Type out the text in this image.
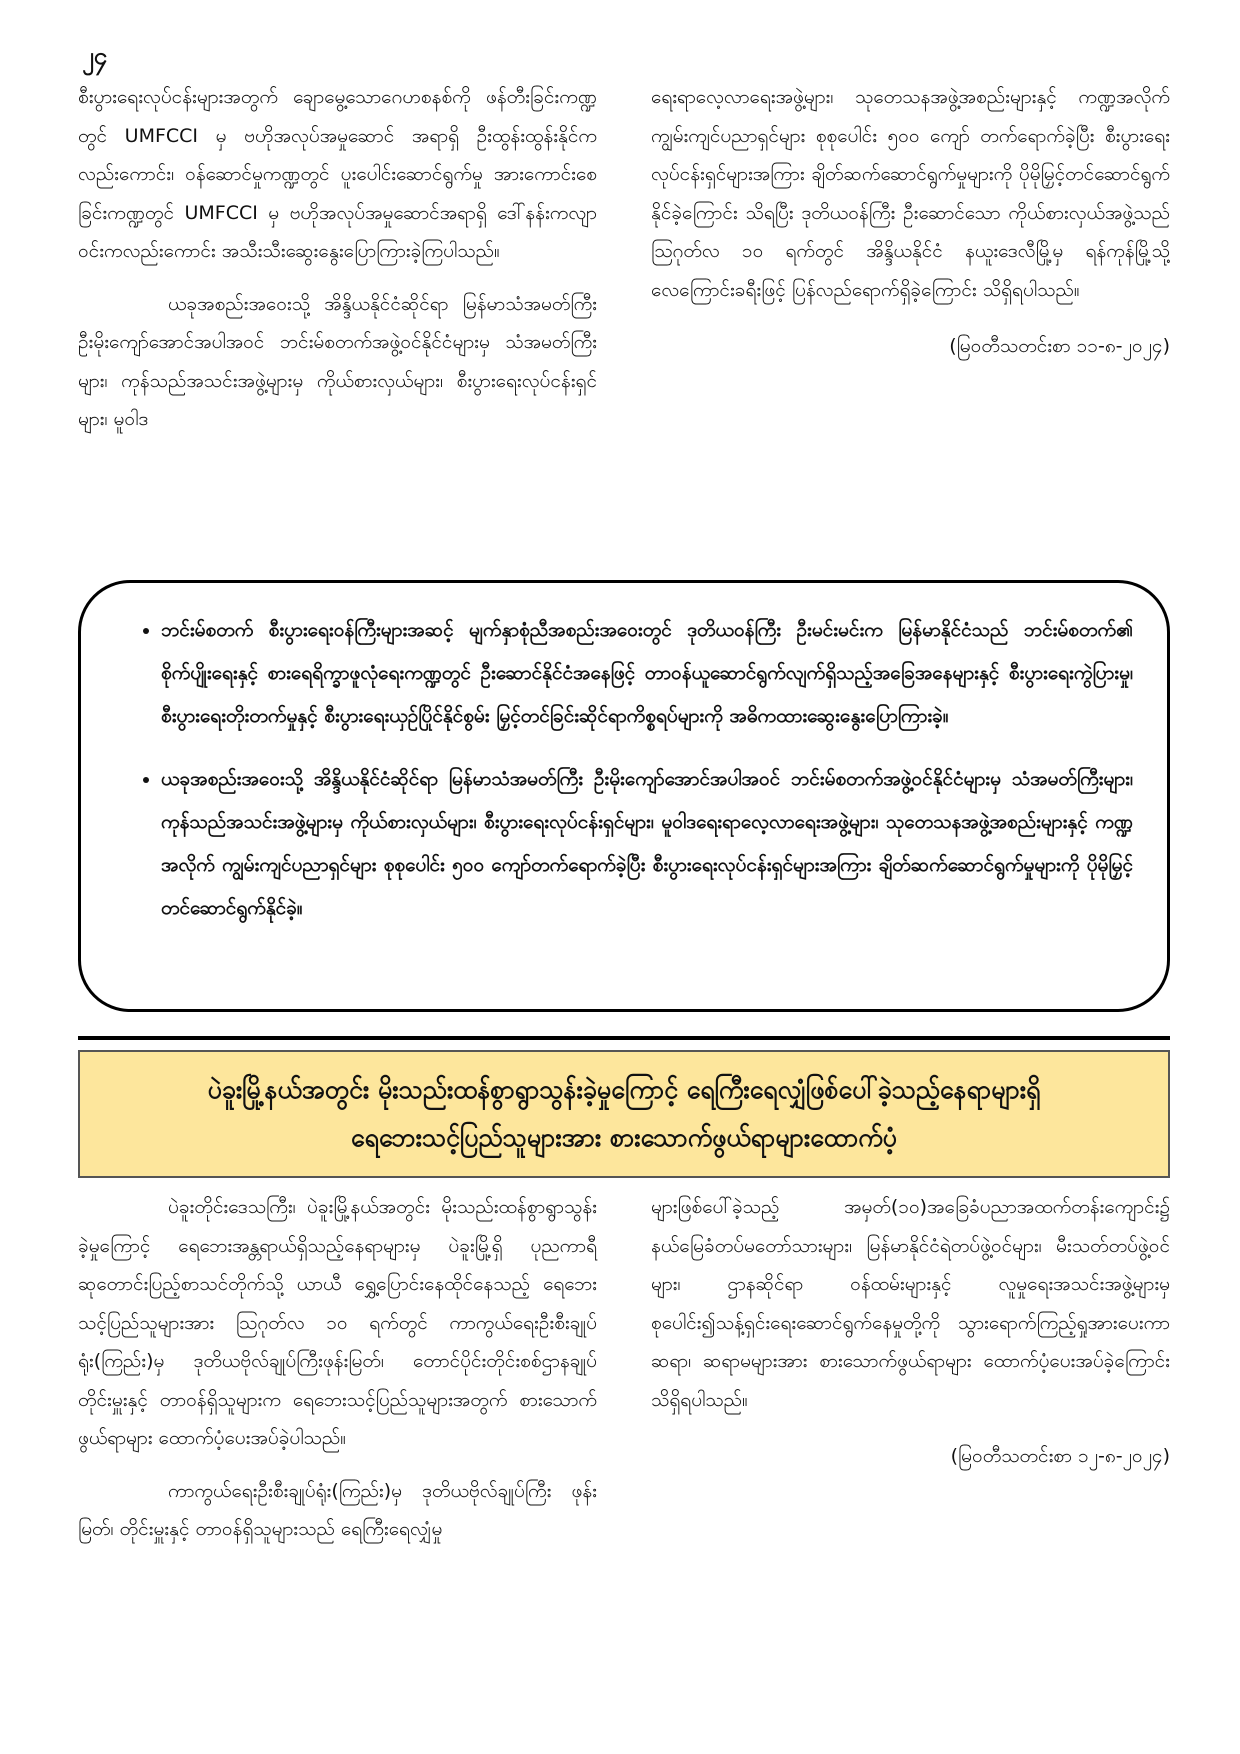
၂၄

စီးပွားရေးလုပ်ငန်းများအတွက် ချောမွေ့သောဂေဟစနစ်ကို ဖန်တီးခြင်းကဏ္ဍတွင် UMFCCI မှ ဗဟိုအလုပ်အမှုဆောင် အရာရှိ ဦးထွန်းထွန်းနိုင်ကလည်းကောင်း၊ ဝန်ဆောင်မှုကဏ္ဍတွင် ပူးပေါင်းဆောင်ရွက်မှု အားကောင်းစေခြင်းကဏ္ဍတွင် UMFCCI မှ ဗဟိုအလုပ်အမှုဆောင်အရာရှိ ဒေါ်နန်းကလျာဝင်းကလည်းကောင်း အသီးသီးဆွေးနွေးပြောကြားခဲ့ကြပါသည်။

ယခုအစည်းအဝေးသို့ အိန္ဒိယနိုင်ငံဆိုင်ရာ မြန်မာသံအမတ်ကြီး ဦးမိုးကျော်အောင်အပါအဝင် ဘင်းမ်စတက်အဖွဲ့ဝင်နိုင်ငံများမှ သံအမတ်ကြီးများ၊ ကုန်သည်အသင်းအဖွဲ့များမှ ကိုယ်စားလှယ်များ၊ စီးပွားရေးလုပ်ငန်းရှင်များ၊ မူဝါဒ

ရေးရာလေ့လာရေးအဖွဲ့များ၊ သုတေသနအဖွဲ့အစည်းများနှင့် ကဏ္ဍအလိုက် ကျွမ်းကျင်ပညာရှင်များ စုစုပေါင်း ၅၀၀ ကျော် တက်ရောက်ခဲ့ပြီး စီးပွားရေးလုပ်ငန်းရှင်များအကြား ချိတ်ဆက်ဆောင်ရွက်မှုများကို ပိုမိုမြှင့်တင်ဆောင်ရွက်နိုင်ခဲ့ကြောင်း သိရပြီး ဒုတိယဝန်ကြီး ဦးဆောင်သော ကိုယ်စားလှယ်အဖွဲ့သည် ဩဂုတ်လ ၁၀ ရက်တွင် အိန္ဒိယနိုင်ငံ နယူးဒေလီမြို့မှ ရန်ကုန်မြို့သို့ လေကြောင်းခရီးဖြင့် ပြန်လည်ရောက်ရှိခဲ့ကြောင်း သိရှိရပါသည်။

(မြဝတီသတင်းစာ ၁၁-၈-၂၀၂၄)
• ဘင်းမ်စတက် စီးပွားရေးဝန်ကြီးများအဆင့် မျက်နှာစုံညီအစည်းအဝေးတွင် ဒုတိယဝန်ကြီး ဦးမင်းမင်းက မြန်မာနိုင်ငံသည် ဘင်းမ်စတက်၏ စိုက်ပျိုးရေးနှင့် စားရေရိက္ခာဖူလုံရေးကဏ္ဍတွင် ဦးဆောင်နိုင်ငံအနေဖြင့် တာဝန်ယူဆောင်ရွက်လျက်ရှိသည့်အခြေအနေများနှင့် စီးပွားရေးကွဲပြားမှု၊ စီးပွားရေးတိုးတက်မှုနှင့် စီးပွားရေးယှဉ်ပြိုင်နိုင်စွမ်း မြှင့်တင်ခြင်းဆိုင်ရာကိစ္စရပ်များကို အဓိကထားဆွေးနွေးပြောကြားခဲ့။
• ယခုအစည်းအဝေးသို့ အိန္ဒိယနိုင်ငံဆိုင်ရာ မြန်မာသံအမတ်ကြီး ဦးမိုးကျော်အောင်အပါအဝင် ဘင်းမ်စတက်အဖွဲ့ဝင်နိုင်ငံများမှ သံအမတ်ကြီးများ၊ ကုန်သည်အသင်းအဖွဲ့များမှ ကိုယ်စားလှယ်များ၊ စီးပွားရေးလုပ်ငန်းရှင်များ၊ မူဝါဒရေးရာလေ့လာရေးအဖွဲ့များ၊ သုတေသနအဖွဲ့အစည်းများနှင့် ကဏ္ဍအလိုက် ကျွမ်းကျင်ပညာရှင်များ စုစုပေါင်း ၅၀၀ ကျော်တက်ရောက်ခဲ့ပြီး စီးပွားရေးလုပ်ငန်းရှင်များအကြား ချိတ်ဆက်ဆောင်ရွက်မှုများကို ပိုမိုမြှင့်တင်ဆောင်ရွက်နိုင်ခဲ့။
ပဲခူးမြို့နယ်အတွင်း မိုးသည်းထန်စွာရွာသွန်းခဲ့မှုကြောင့် ရေကြီးရေလျှံဖြစ်ပေါ်ခဲ့သည့်နေရာများရှိ
ရေဘေးသင့်ပြည်သူများအား စားသောက်ဖွယ်ရာများထောက်ပံ့

ပဲခူးတိုင်းဒေသကြီး၊ ပဲခူးမြို့နယ်အတွင်း မိုးသည်းထန်စွာရွာသွန်းခဲ့မှုကြောင့် ရေဘေးအန္တရာယ်ရှိသည့်နေရာများမှ ပဲခူးမြို့ရှိ ပုညကာရီဆုတောင်းပြည့်စာသင်တိုက်သို့ ယာယီ ရွှေ့ပြောင်းနေထိုင်နေသည့် ရေဘေးသင့်ပြည်သူများအား ဩဂုတ်လ ၁၀ ရက်တွင် ကာကွယ်ရေးဦးစီးချုပ်ရုံး(ကြည်း)မှ ဒုတိယဗိုလ်ချုပ်ကြီးဖုန်းမြတ်၊ တောင်ပိုင်းတိုင်းစစ်ဌာနချုပ်တိုင်းမှူးနှင့် တာဝန်ရှိသူများက ရေဘေးသင့်ပြည်သူများအတွက် စားသောက်ဖွယ်ရာများ ထောက်ပံ့ပေးအပ်ခဲ့ပါသည်။

ကာကွယ်ရေးဦးစီးချုပ်ရုံး(ကြည်း)မှ ဒုတိယဗိုလ်ချုပ်ကြီး ဖုန်းမြတ်၊ တိုင်းမှူးနှင့် တာဝန်ရှိသူများသည် ရေကြီးရေလျှံမှု

များဖြစ်ပေါ်ခဲ့သည့် အမှတ်(၁၀)အခြေခံပညာအထက်တန်းကျောင်း၌ နယ်မြေခံတပ်မတော်သားများ၊ မြန်မာနိုင်ငံရဲတပ်ဖွဲ့ဝင်များ၊ မီးသတ်တပ်ဖွဲ့ဝင်များ၊ ဌာနဆိုင်ရာ ဝန်ထမ်းများနှင့် လူမှုရေးအသင်းအဖွဲ့များမှ စုပေါင်း၍သန့်ရှင်းရေးဆောင်ရွက်နေမှုတို့ကို သွားရောက်ကြည့်ရှုအားပေးကာ ဆရာ၊ ဆရာမများအား စားသောက်ဖွယ်ရာများ ထောက်ပံ့ပေးအပ်ခဲ့ကြောင်း သိရှိရပါသည်။

(မြဝတီသတင်းစာ ၁၂-၈-၂၀၂၄)
